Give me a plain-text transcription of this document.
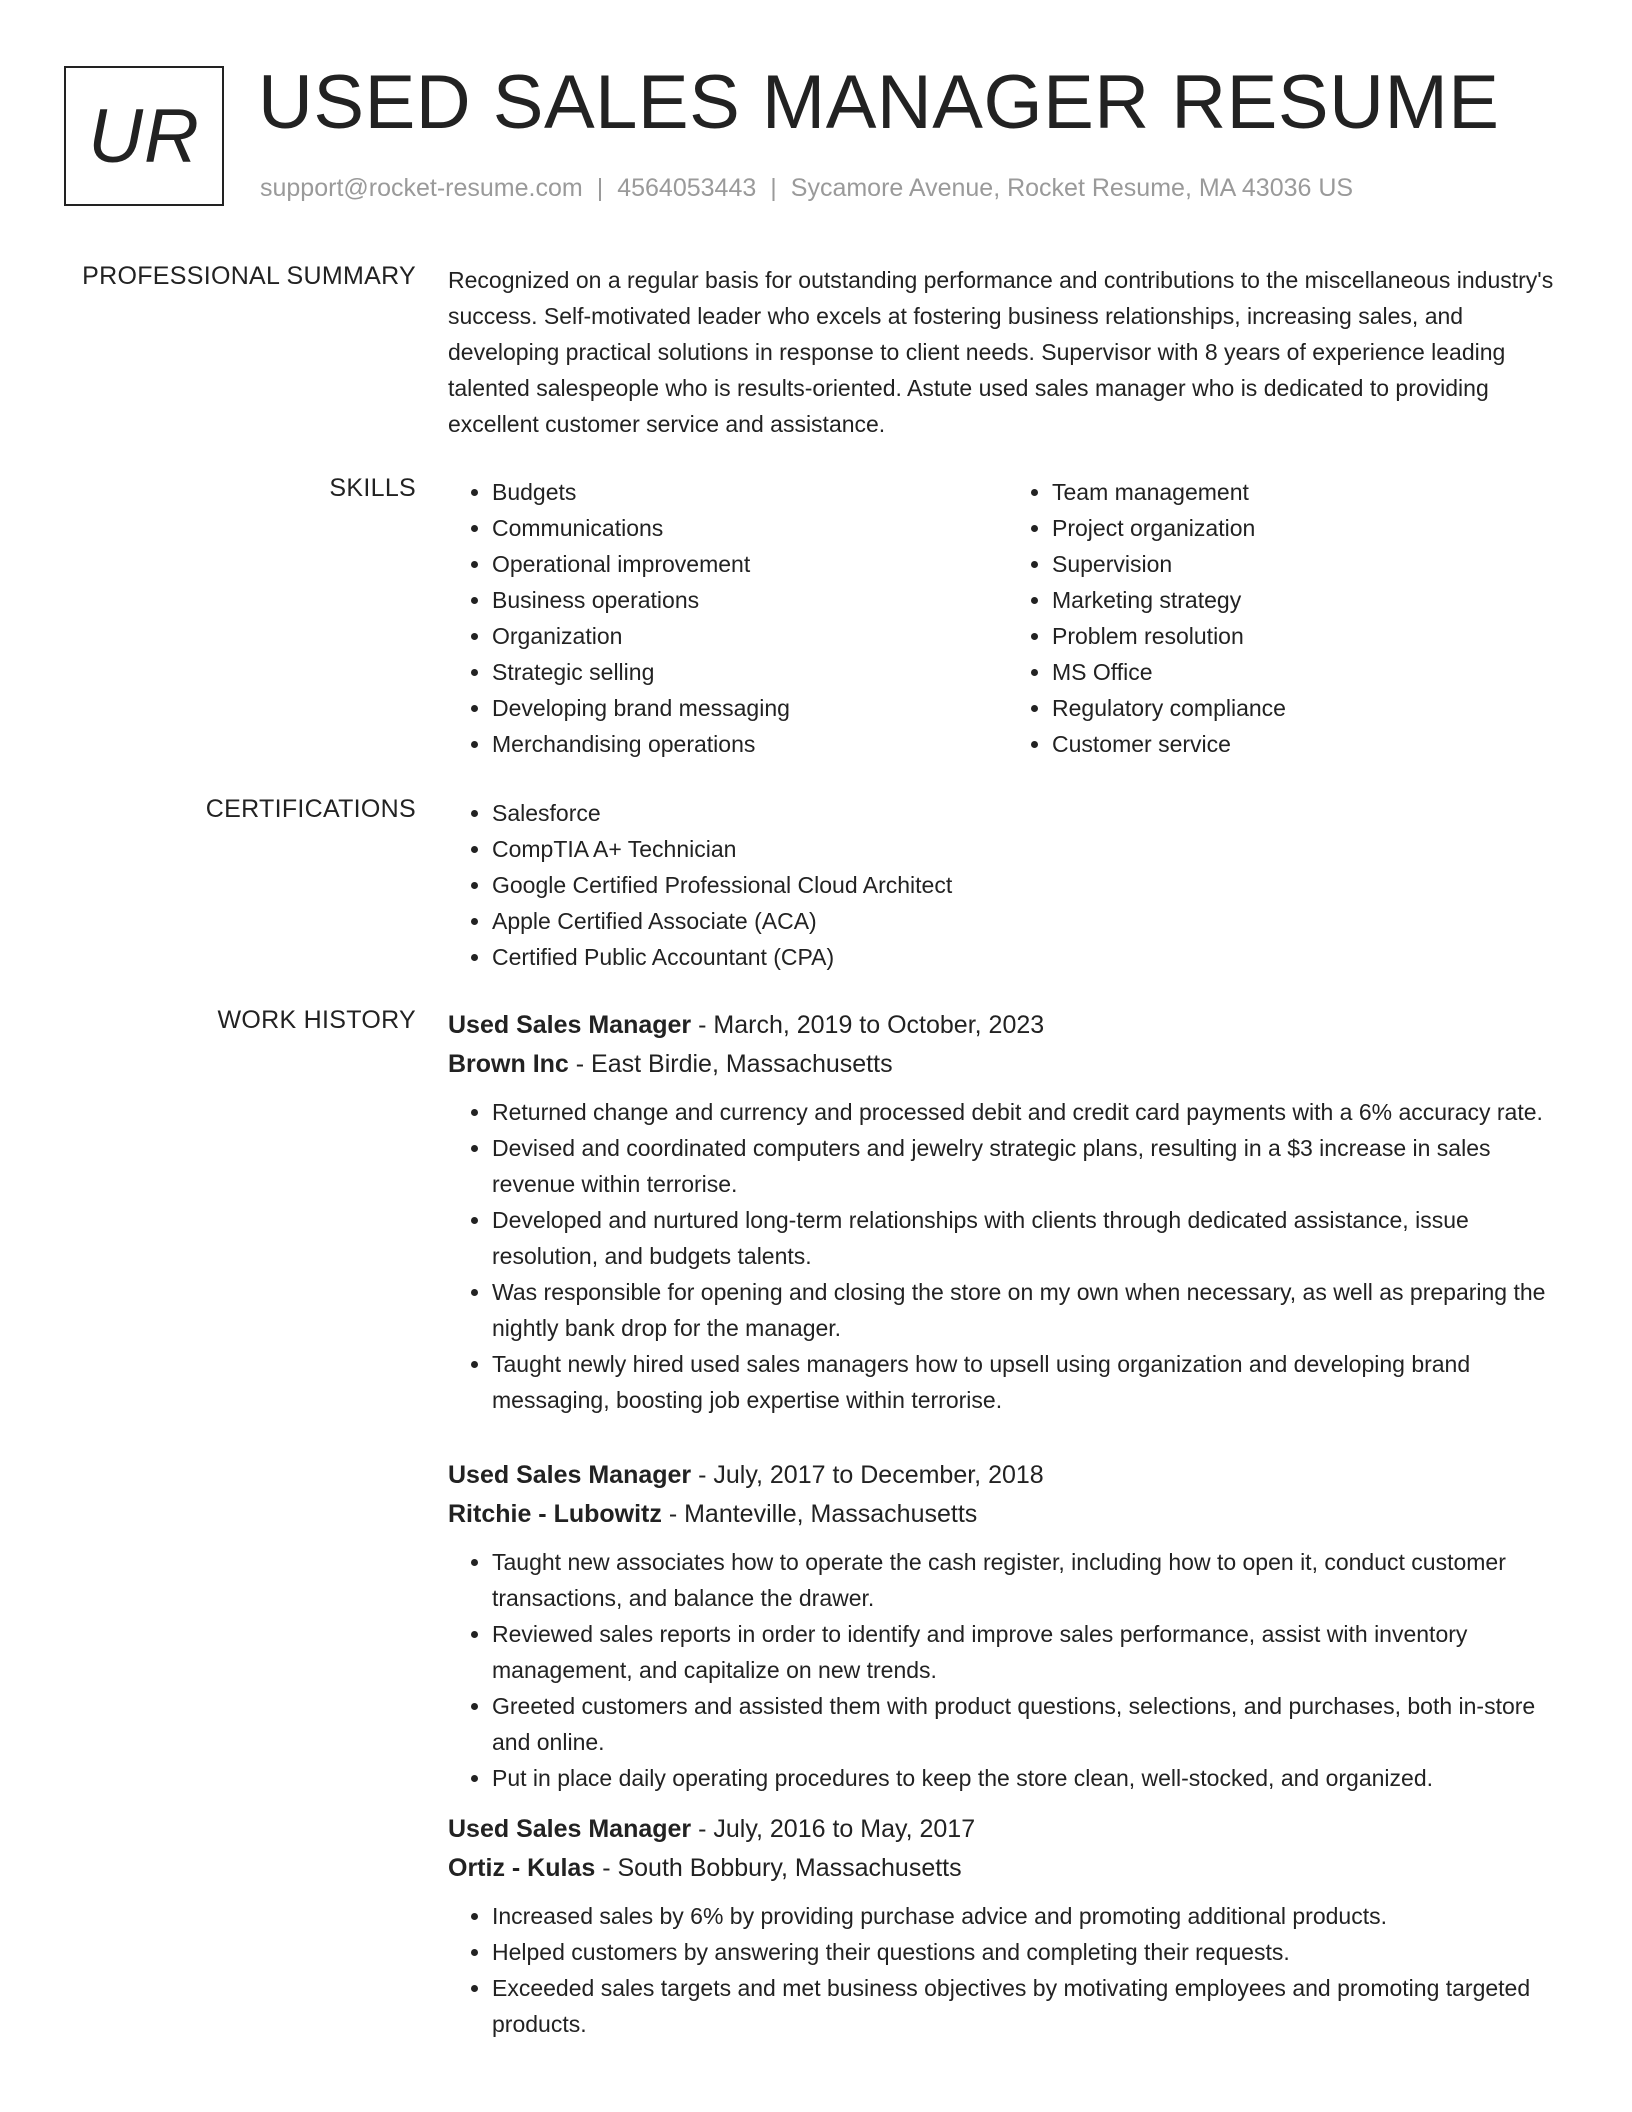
UR USED SALES MANAGER RESUME
support@rocket-resume.com | 4564053443 | Sycamore Avenue, Rocket Resume, MA 43036 US
PROFESSIONAL SUMMARY Recognized on a regular basis for outstanding performance and contributions to the miscellaneous industry's success. Self-motivated leader who excels at fostering business relationships, increasing sales, and developing practical solutions in response to client needs. Supervisor with 8 years of experience leading talented salespeople who is results-oriented. Astute used sales manager who is dedicated to providing excellent customer service and assistance.

SKILLS	• Budgets
• Communications
• Operational improvement
• Business operations
• Organization
• Strategic selling
• Developing brand messaging
• Merchandising operations
• Team management
• Project organization
• Supervision
• Marketing strategy
• Problem resolution
• MS Office
• Regulatory compliance
• Customer service
CERTIFICATIONS	• Salesforce
• CompTIA A+ Technician
• Google Certified Professional Cloud Architect
• Apple Certified Associate (ACA)
• Certified Public Accountant (CPA)
WORK HISTORY Used Sales Manager - March, 2019 to October, 2023
Brown Inc - East Birdie, Massachusetts
• Returned change and currency and processed debit and credit card payments with a 6% accuracy rate.
• Devised and coordinated computers and jewelry strategic plans, resulting in a $3 increase in sales revenue within terrorise.
• Developed and nurtured long-term relationships with clients through dedicated assistance, issue resolution, and budgets talents.
• Was responsible for opening and closing the store on my own when necessary, as well as preparing the nightly bank drop for the manager.
• Taught newly hired used sales managers how to upsell using organization and developing brand messaging, boosting job expertise within terrorise.
Used Sales Manager - July, 2017 to December, 2018
Ritchie - Lubowitz - Manteville, Massachusetts
• Taught new associates how to operate the cash register, including how to open it, conduct customer transactions, and balance the drawer.
• Reviewed sales reports in order to identify and improve sales performance, assist with inventory management, and capitalize on new trends.
• Greeted customers and assisted them with product questions, selections, and purchases, both in-store and online.
• Put in place daily operating procedures to keep the store clean, well-stocked, and organized.
Used Sales Manager - July, 2016 to May, 2017
Ortiz - Kulas - South Bobbury, Massachusetts
• Increased sales by 6% by providing purchase advice and promoting additional products.
• Helped customers by answering their questions and completing their requests.
• Exceeded sales targets and met business objectives by motivating employees and promoting targeted products.
